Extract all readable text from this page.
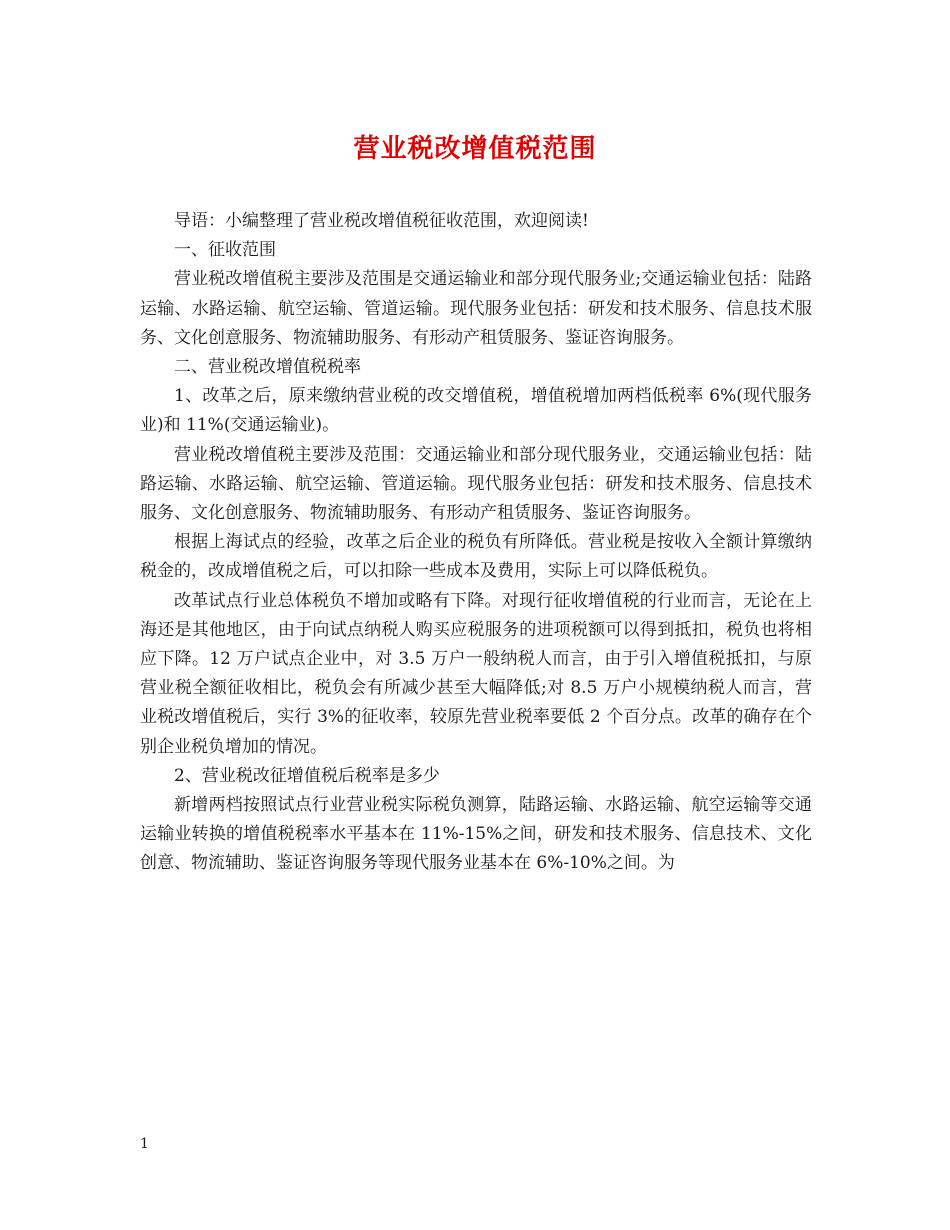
营业税改增值税范围

导语：小编整理了营业税改增值税征收范围，欢迎阅读!

一、征收范围

营业税改增值税主要涉及范围是交通运输业和部分现代服务业;交通运输业包括：陆路运输、水路运输、航空运输、管道运输。现代服务业包括：研发和技术服务、信息技术服务、文化创意服务、物流辅助服务、有形动产租赁服务、鉴证咨询服务。

二、营业税改增值税税率

1、改革之后，原来缴纳营业税的改交增值税，增值税增加两档低税率 6%(现代服务业)和 11%(交通运输业)。

营业税改增值税主要涉及范围：交通运输业和部分现代服务业，交通运输业包括：陆路运输、水路运输、航空运输、管道运输。现代服务业包括：研发和技术服务、信息技术服务、文化创意服务、物流辅助服务、有形动产租赁服务、鉴证咨询服务。

根据上海试点的经验，改革之后企业的税负有所降低。营业税是按收入全额计算缴纳税金的，改成增值税之后，可以扣除一些成本及费用，实际上可以降低税负。

改革试点行业总体税负不增加或略有下降。对现行征收增值税的行业而言，无论在上海还是其他地区，由于向试点纳税人购买应税服务的进项税额可以得到抵扣，税负也将相应下降。12 万户试点企业中，对 3.5 万户一般纳税人而言，由于引入增值税抵扣，与原营业税全额征收相比，税负会有所减少甚至大幅降低;对 8.5 万户小规模纳税人而言，营业税改增值税后，实行 3%的征收率，较原先营业税率要低 2 个百分点。改革的确存在个别企业税负增加的情况。

2、营业税改征增值税后税率是多少

新增两档按照试点行业营业税实际税负测算，陆路运输、水路运输、航空运输等交通运输业转换的增值税税率水平基本在 11%-15%之间，研发和技术服务、信息技术、文化创意、物流辅助、鉴证咨询服务等现代服务业基本在 6%-10%之间。为

1
